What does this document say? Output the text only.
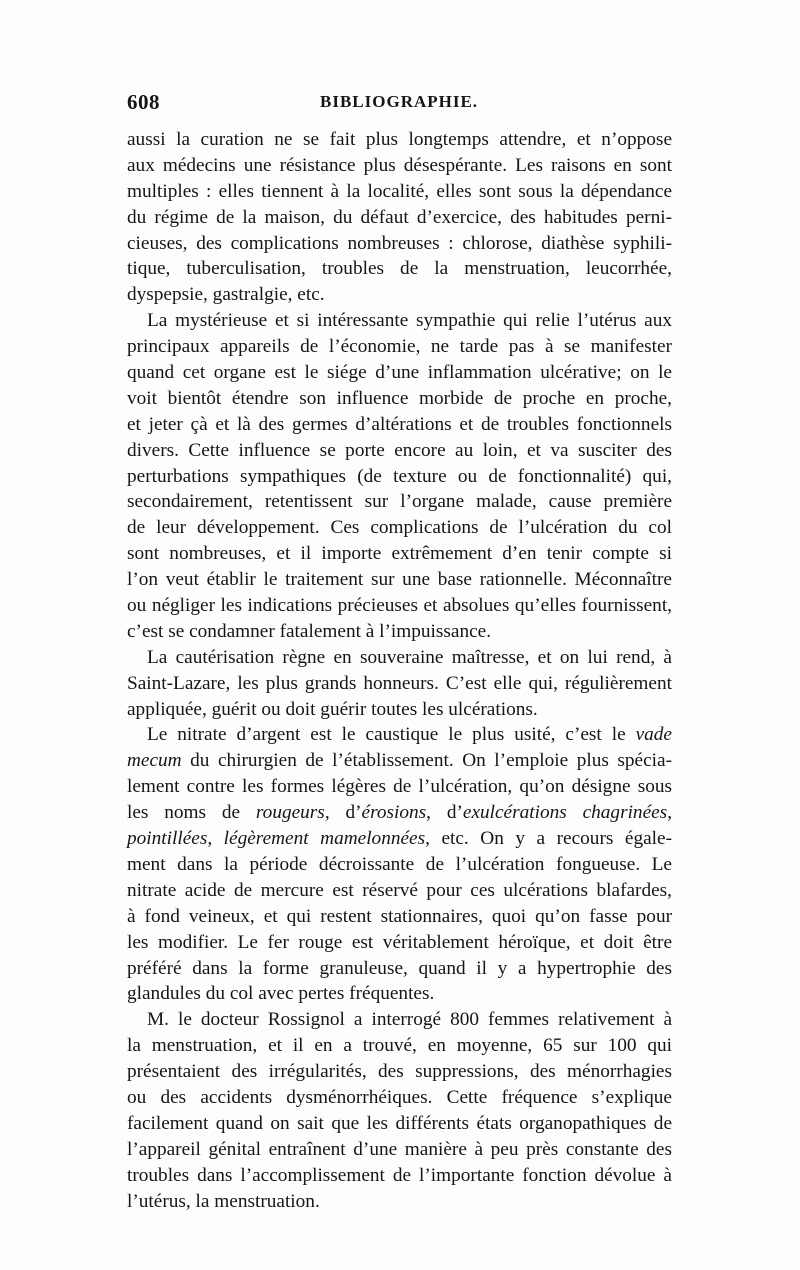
608	BIBLIOGRAPHIE.
aussi la curation ne se fait plus longtemps attendre, et n’oppose
aux médecins une résistance plus désespérante. Les raisons en sont
multiples : elles tiennent à la localité, elles sont sous la dépendance
du régime de la maison, du défaut d’exercice, des habitudes perni-
cieuses, des complications nombreuses : chlorose, diathèse syphili-
tique, tuberculisation, troubles de la menstruation, leucorrhée,
dyspepsie, gastralgie, etc.
La mystérieuse et si intéressante sympathie qui relie l’utérus aux
principaux appareils de l’économie, ne tarde pas à se manifester
quand cet organe est le siége d’une inflammation ulcérative; on le
voit bientôt étendre son influence morbide de proche en proche,
et jeter çà et là des germes d’altérations et de troubles fonctionnels
divers. Cette influence se porte encore au loin, et va susciter des
perturbations sympathiques (de texture ou de fonctionnalité) qui,
secondairement, retentissent sur l’organe malade, cause première
de leur développement. Ces complications de l’ulcération du col
sont nombreuses, et il importe extrêmement d’en tenir compte si
l’on veut établir le traitement sur une base rationnelle. Méconnaître
ou négliger les indications précieuses et absolues qu’elles fournissent,
c’est se condamner fatalement à l’impuissance.
La cautérisation règne en souveraine maîtresse, et on lui rend, à
Saint-Lazare, les plus grands honneurs. C’est elle qui, régulièrement
appliquée, guérit ou doit guérir toutes les ulcérations.
Le nitrate d’argent est le caustique le plus usité, c’est le vade
mecum du chirurgien de l’établissement. On l’emploie plus spécia-
lement contre les formes légères de l’ulcération, qu’on désigne sous
les noms de rougeurs, d’érosions, d’exulcérations chagrinées,
pointillées, légèrement mamelonnées, etc. On y a recours égale-
ment dans la période décroissante de l’ulcération fongueuse. Le
nitrate acide de mercure est réservé pour ces ulcérations blafardes,
à fond veineux, et qui restent stationnaires, quoi qu’on fasse pour
les modifier. Le fer rouge est véritablement héroïque, et doit être
préféré dans la forme granuleuse, quand il y a hypertrophie des
glandules du col avec pertes fréquentes.
M. le docteur Rossignol a interrogé 800 femmes relativement à
la menstruation, et il en a trouvé, en moyenne, 65 sur 100 qui
présentaient des irrégularités, des suppressions, des ménorrhagies
ou des accidents dysménorrhéiques. Cette fréquence s’explique
facilement quand on sait que les différents états organopathiques de
l’appareil génital entraînent d’une manière à peu près constante des
troubles dans l’accomplissement de l’importante fonction dévolue à
l’utérus, la menstruation.
